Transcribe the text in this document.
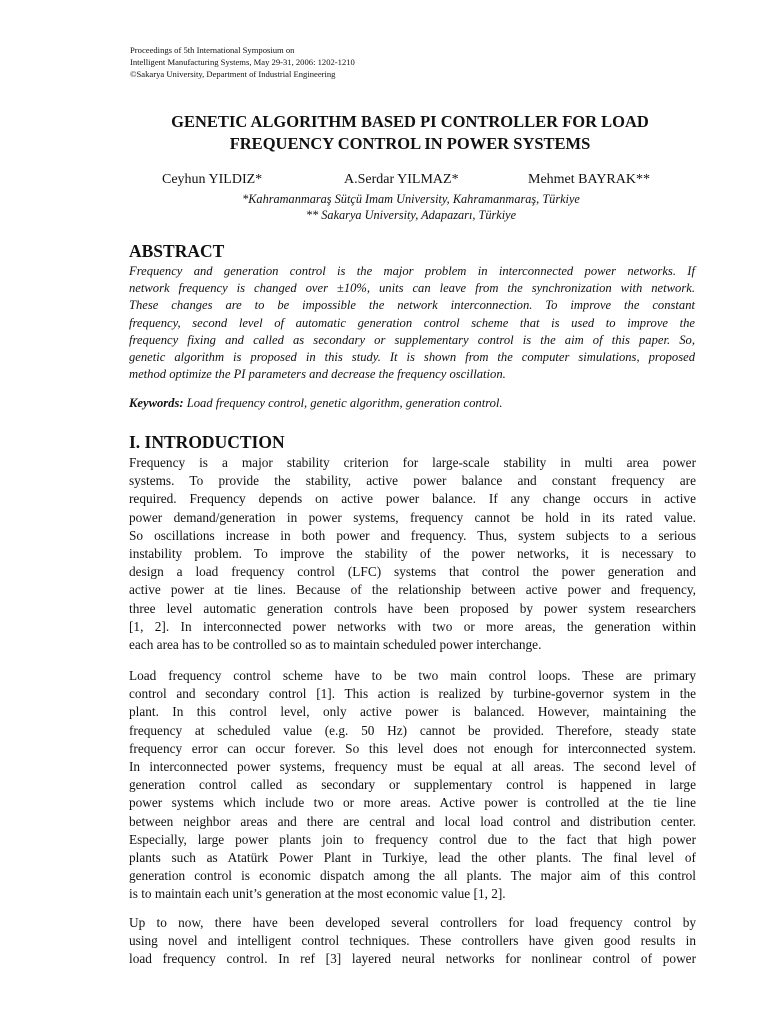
Proceedings of 5th International Symposium on
Intelligent Manufacturing Systems, May 29-31, 2006: 1202-1210
©Sakarya University, Department of Industrial Engineering
GENETIC ALGORITHM BASED PI CONTROLLER FOR LOAD
FREQUENCY CONTROL IN POWER SYSTEMS
Ceyhun YILDIZ*	A.Serdar YILMAZ*	Mehmet BAYRAK**
*Kahramanmaraş Sütçü Imam University, Kahramanmaraş, Türkiye
** Sakarya University, Adapazarı, Türkiye
ABSTRACT
Frequency and generation control is the major problem in interconnected power networks. If
network frequency is changed over ±10%, units can leave from the synchronization with network.
These changes are to be impossible the network interconnection. To improve the constant
frequency, second level of automatic generation control scheme that is used to improve the
frequency fixing and called as secondary or supplementary control is the aim of this paper. So,
genetic algorithm is proposed in this study. It is shown from the computer simulations, proposed
method optimize the PI parameters and decrease the frequency oscillation.
Keywords: Load frequency control, genetic algorithm, generation control.
I. INTRODUCTION
Frequency is a major stability criterion for large-scale stability in multi area power
systems. To provide the stability, active power balance and constant frequency are
required. Frequency depends on active power balance. If any change occurs in active
power demand/generation in power systems, frequency cannot be hold in its rated value.
So oscillations increase in both power and frequency. Thus, system subjects to a serious
instability problem. To improve the stability of the power networks, it is necessary to
design a load frequency control (LFC) systems that control the power generation and
active power at tie lines. Because of the relationship between active power and frequency,
three level automatic generation controls have been proposed by power system researchers
[1, 2]. In interconnected power networks with two or more areas, the generation within
each area has to be controlled so as to maintain scheduled power interchange.
Load frequency control scheme have to be two main control loops. These are primary
control and secondary control [1]. This action is realized by turbine-governor system in the
plant. In this control level, only active power is balanced. However, maintaining the
frequency at scheduled value (e.g. 50 Hz) cannot be provided. Therefore, steady state
frequency error can occur forever. So this level does not enough for interconnected system.
In interconnected power systems, frequency must be equal at all areas. The second level of
generation control called as secondary or supplementary control is happened in large
power systems which include two or more areas. Active power is controlled at the tie line
between neighbor areas and there are central and local load control and distribution center.
Especially, large power plants join to frequency control due to the fact that high power
plants such as Atatürk Power Plant in Turkiye, lead the other plants. The final level of
generation control is economic dispatch among the all plants. The major aim of this control
is to maintain each unit’s generation at the most economic value [1, 2].
Up to now, there have been developed several controllers for load frequency control by
using novel and intelligent control techniques. These controllers have given good results in
load frequency control. In ref [3] layered neural networks for nonlinear control of power
